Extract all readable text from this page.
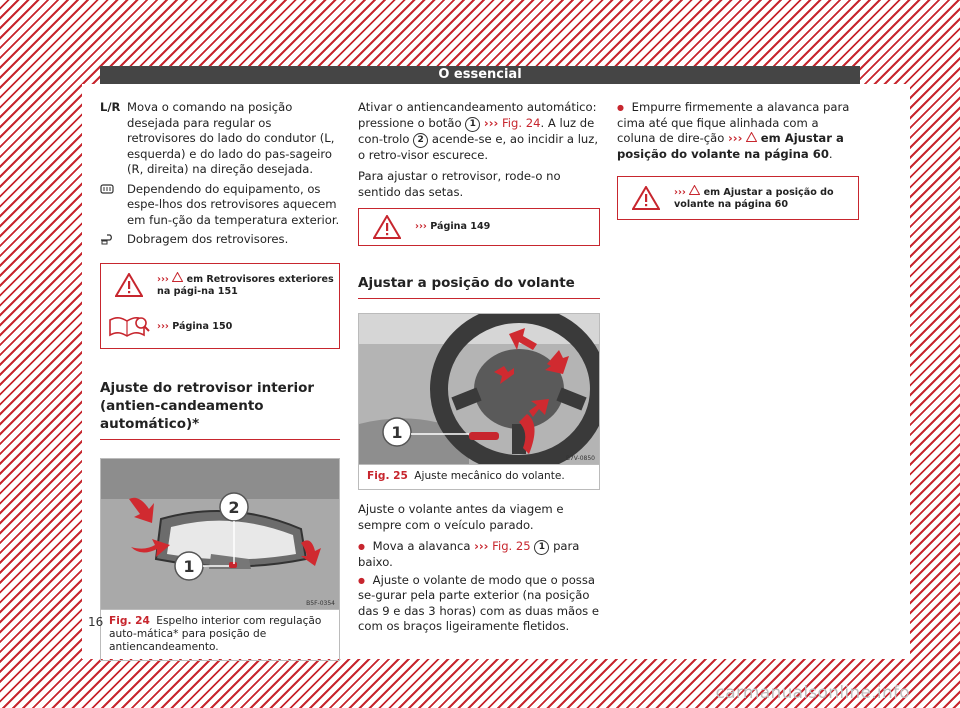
O essencial
L/R Mova o comando na posição desejada para regular os retrovisores do lado do condutor (L, esquerda) e do lado do pas-sageiro (R, direita) na direção desejada.
Dependendo do equipamento, os espe-lhos dos retrovisores aquecem em fun-ção da temperatura exterior.
Dobragem dos retrovisores.
››› em Retrovisores exteriores na pági-na 151
››› Página 150
Ajuste do retrovisor interior (antien-candeamento automático)*
2
1
B5F-0354
Fig. 24 Espelho interior com regulação auto-mática* para posição de antiencandeamento.

Ativar o antiencandeamento automático: pressione o botão 1 ››› Fig. 24. A luz de con-trolo 2 acende-se e, ao incidir a luz, o retro-visor escurece.

Para ajustar o retrovisor, rode-o no sentido das setas.

››› Página 149
Ajustar a posição do volante
1
B7V-0850
Fig. 25 Ajuste mecânico do volante.

Ajuste o volante antes da viagem e sempre com o veículo parado.

● Mova a alavanca ››› Fig. 25 1 para baixo.

● Ajuste o volante de modo que o possa se-gurar pela parte exterior (na posição das 9 e das 3 horas) com as duas mãos e com os braços ligeiramente fletidos.

● Empurre firmemente a alavanca para cima até que fique alinhada com a coluna de dire-ção ››› em Ajustar a posição do volante na página 60.

››› em Ajustar a posição do volante na página 60
16
carmanualsonline.info
